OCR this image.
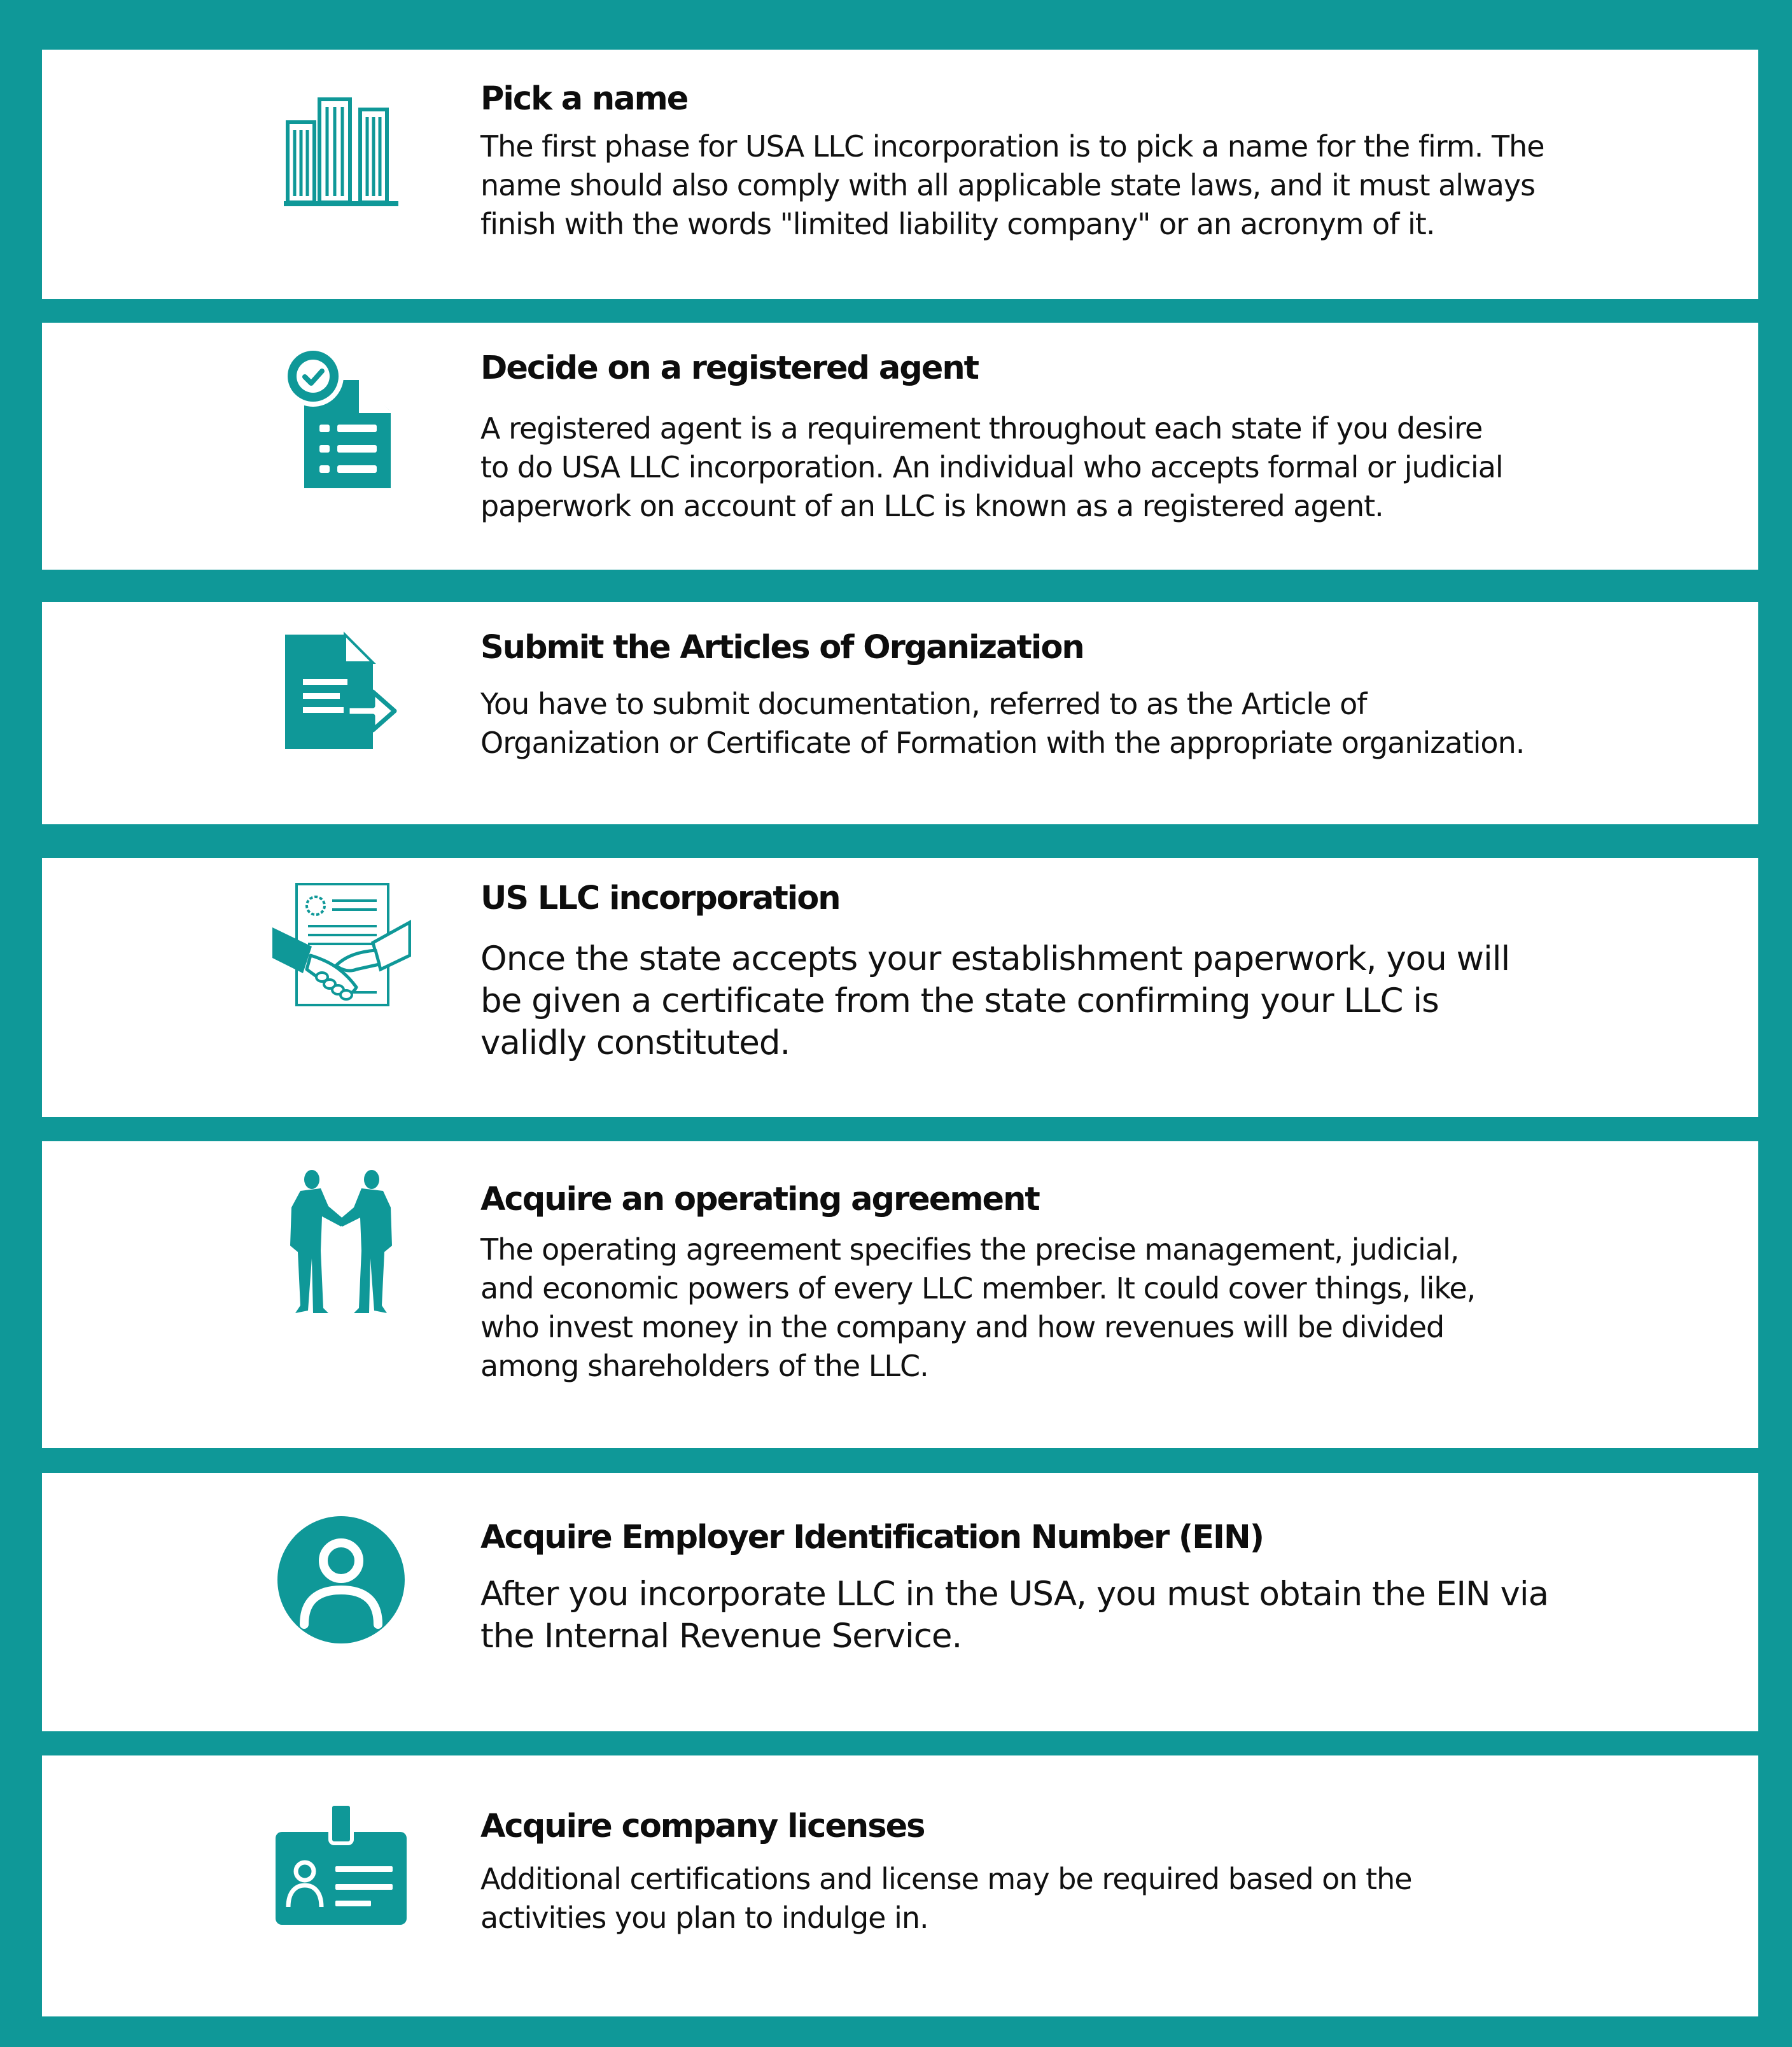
Pick a name
The first phase for USA LLC incorporation is to pick a name for the firm. The
name should also comply with all applicable state laws, and it must always
finish with the words "limited liability company" or an acronym of it.
Decide on a registered agent
A registered agent is a requirement throughout each state if you desire
to do USA LLC incorporation. An individual who accepts formal or judicial
paperwork on account of an LLC is known as a registered agent.
Submit the Articles of Organization
You have to submit documentation, referred to as the Article of
Organization or Certificate of Formation with the appropriate organization.
US LLC incorporation
Once the state accepts your establishment paperwork, you will
be given a certificate from the state confirming your LLC is
validly constituted.
Acquire an operating agreement
The operating agreement specifies the precise management, judicial,
and economic powers of every LLC member. It could cover things, like,
who invest money in the company and how revenues will be divided
among shareholders of the LLC.
Acquire Employer Identification Number (EIN)
After you incorporate LLC in the USA, you must obtain the EIN via
the Internal Revenue Service.
Acquire company licenses
Additional certifications and license may be required based on the
activities you plan to indulge in.
